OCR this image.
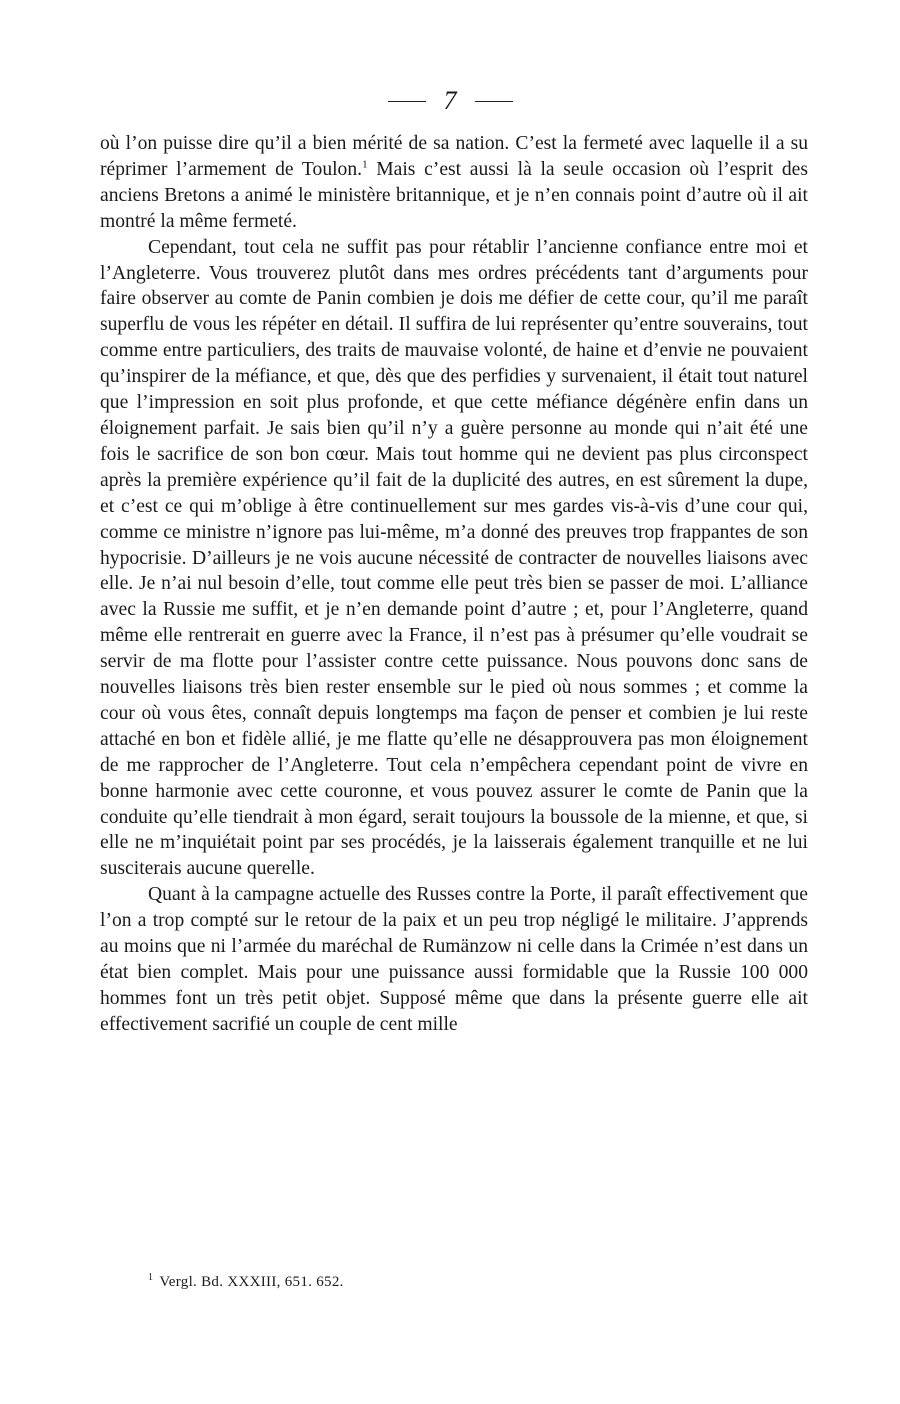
7

où l’on puisse dire qu’il a bien mérité de sa nation. C’est la fermeté avec laquelle il a su réprimer l’armement de Toulon.$^1$ Mais c’est aussi là la seule occasion où l’esprit des anciens Bretons a animé le ministère britannique, et je n’en connais point d’autre où il ait montré la même fermeté.

Cependant, tout cela ne suffit pas pour rétablir l’ancienne confiance entre moi et l’Angleterre. Vous trouverez plutôt dans mes ordres précédents tant d’arguments pour faire observer au comte de Panin combien je dois me défier de cette cour, qu’il me paraît superflu de vous les répéter en détail. Il suffira de lui représenter qu’entre souverains, tout comme entre particuliers, des traits de mauvaise volonté, de haine et d’envie ne pouvaient qu’inspirer de la méfiance, et que, dès que des perfidies y survenaient, il était tout naturel que l’impression en soit plus profonde, et que cette méfiance dégénère enfin dans un éloignement parfait. Je sais bien qu’il n’y a guère personne au monde qui n’ait été une fois le sacrifice de son bon cœur. Mais tout homme qui ne devient pas plus circonspect après la première expérience qu’il fait de la duplicité des autres, en est sûrement la dupe, et c’est ce qui m’oblige à être continuellement sur mes gardes vis-à-vis d’une cour qui, comme ce ministre n’ignore pas lui-même, m’a donné des preuves trop frappantes de son hypocrisie. D’ailleurs je ne vois aucune nécessité de contracter de nouvelles liaisons avec elle. Je n’ai nul besoin d’elle, tout comme elle peut très bien se passer de moi. L’alliance avec la Russie me suffit, et je n’en demande point d’autre ; et, pour l’Angleterre, quand même elle rentrerait en guerre avec la France, il n’est pas à présumer qu’elle voudrait se servir de ma flotte pour l’assister contre cette puissance. Nous pouvons donc sans de nouvelles liaisons très bien rester ensemble sur le pied où nous sommes ; et comme la cour où vous êtes, connaît depuis longtemps ma façon de penser et combien je lui reste attaché en bon et fidèle allié, je me flatte qu’elle ne désapprouvera pas mon éloignement de me rapprocher de l’Angleterre. Tout cela n’empêchera cependant point de vivre en bonne harmonie avec cette couronne, et vous pouvez assurer le comte de Panin que la conduite qu’elle tiendrait à mon égard, serait toujours la boussole de la mienne, et que, si elle ne m’inquiétait point par ses procédés, je la laisserais également tranquille et ne lui susciterais aucune querelle.

Quant à la campagne actuelle des Russes contre la Porte, il paraît effectivement que l’on a trop compté sur le retour de la paix et un peu trop négligé le militaire. J’apprends au moins que ni l’armée du maréchal de Rumänzow ni celle dans la Crimée n’est dans un état bien complet. Mais pour une puissance aussi formidable que la Russie 100 000 hommes font un très petit objet. Supposé même que dans la présente guerre elle ait effectivement sacrifié un couple de cent mille

$^1$ Vergl. Bd. XXXIII, 651. 652.
